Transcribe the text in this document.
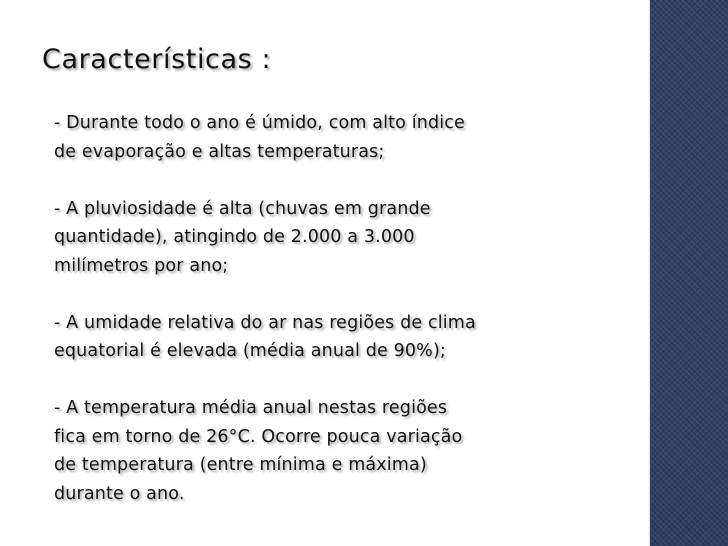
Características :
- Durante todo o ano é úmido, com alto índice
de evaporação e altas temperaturas;
- A pluviosidade é alta (chuvas em grande
quantidade), atingindo de 2.000 a 3.000
milímetros por ano;
- A umidade relativa do ar nas regiões de clima
equatorial é elevada (média anual de 90%);
- A temperatura média anual nestas regiões
fica em torno de 26°C. Ocorre pouca variação
de temperatura (entre mínima e máxima)
durante o ano.
